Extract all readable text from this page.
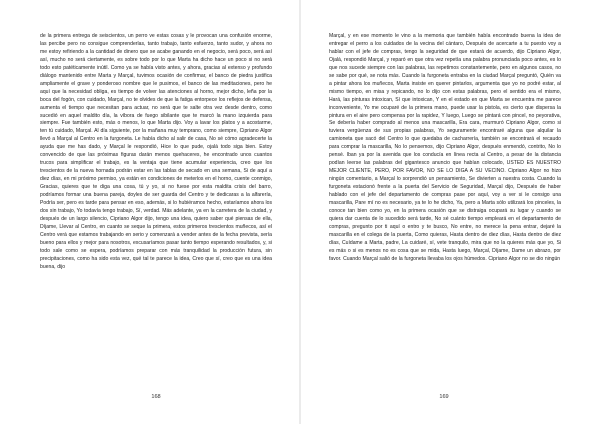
de la primera entrega de seiscientos, un perro ve estas cosas y le provocan una confusión enorme, las percibe pero no consigue comprenderlas, tanto trabajo, tanto esfuerzo, tanto sudor, y ahora no me estoy refiriendo a la cantidad de dinero que se acabe ganando en el negocio, será poco, será así así, mucho no será ciertamente, es sobre todo por lo que Marta ha dicho hace un poco si no será todo esto patéticamente inútil. Como ya se había visto antes, y ahora, gracias al extenso y profundo diálogo mantenido entre Marta y Marçal, tuvimos ocasión de confirmar, el banco de piedra justifica ampliamente el grave y ponderoso nombre que le pusimos, el banco de las meditaciones, pero he aquí que la necesidad obliga, es tiempo de volver las atenciones al horno, mejor dicho, leña por la boca del fogón, con cuidado, Marçal, no te olvides de que la fatiga entorpece los reflejos de defensa, aumenta el tiempo que necesitan para actuar, no será que te salte otra vez desde dentro, como sucedió en aquel maldito día, la víbora de fuego sibilante que te marcó la mano izquierda para siempre. Fue también esto, más o menos, lo que Marta dijo. Voy a lavar los platos y a acostarme, ten tú cuidado, Marçal. Al día siguiente, por la mañana muy temprano, como siempre, Cipriano Algor llevó a Marçal al Centro en la furgoneta. Le había dicho al salir de casa, No sé cómo agradecerte la ayuda que me has dado, y Marçal le respondió, Hice lo que pude, ojalá todo siga bien. Estoy convencido de que las próximas figuras darán menos quehaceres, he encontrado unos cuantos trucos para simplificar el trabajo, es la ventaja que tiene acumular experiencia, creo que los trescientos de la nueva hornada podrán estar en las tablas de secado en una semana, Si de aquí a diez días, en mi próximo permiso, ya están en condiciones de meterlos en el horno, cuente conmigo, Gracias, quieres que te diga una cosa, tú y yo, si no fuese por esta maldita crisis del barro, podríamos formar una buena pareja, doyles de ser guarda del Centro y te dedicaras a la alfarería, Podría ser, pero es tarde para pensar en eso, además, si lo hubiéramos hecho, estaríamos ahora los dos sin trabajo, Yo todavía tengo trabajo, Sí, verdad. Más adelante, ya en la carretera de la ciudad, y después de un largo silencio, Cipriano Algor dijo, tengo una idea, quiero saber qué piensas de ella, Díjame, Llevar al Centro, en cuanto se seque la primera, estos primeros trescientos muñecos, así el Centro verá que estamos trabajando en serio y comenzará a vender antes de la fecha prevista, sería bueno para ellos y mejor para nosotros, excusaríamos pasar tanto tiempo esperando resultados, y, si todo sale como se espera, podríamos preparar con más tranquilidad la producción futura, sin precipitaciones, como ha sido esta vez, qué tal te parece la idea, Creo que sí, creo que es una idea buena, dijo

168

Marçal, y en ese momento le vino a la memoria que también había encontrado buena la idea de entregar el perro a los cuidados de la vecina del cántaro, Después de acercarte a tu puesto voy a hablar con el jefe de compras, tengo la seguridad de que estará de acuerdo, dijo Cipriano Algor, Ojalá, respondió Marçal, y reparó en que otra vez repetía una palabra pronunciada poco antes, es lo que nos sucede siempre con las palabras, las repetimos constantemente, pero en algunos casos, no se sabe por qué, se nota más. Cuando la furgoneta entraba en la ciudad Marçal preguntó, Quién va a pintar ahora los muñecos, Marta insiste en querer pintarlos, argumenta que yo no podré estar, al mismo tiempo, en misa y repicando, no lo dijo con estas palabras, pero el sentido era el mismo, Hará, las pinturas intoxican, Sí que intoxican, Y en el estado en que Marta se encuentra me parece inconveniente, Yo me ocuparé de la primera mano, puede usar la pistola, es cierto que dispersa la pintura en el aire pero compensa por la rapidez, Y luego, Luego se pintará con pincel, no peyorativa, Se debería haber comprado al menos una mascarilla, Era cara, murmuró Cipriano Algor, como si tuviera vergüenza de sus propias palabras, Yo seguramente encontraré alguna que alquilar la camioneta que sacó del Centro lo que quedaba de cacharrería, también se encontrará el recaudo para comprar la mascarilla, No lo pensemos, dijo Cipriano Algor, después enmendó, contrito, No lo pensé. Iban ya por la avenida que los conducía en línea recta al Centro, a pesar de la distancia podían leerse las palabras del gigantesco anuncio que habían colocado, USTED ES NUESTRO MEJOR CLIENTE, PERO, POR FAVOR, NO SE LO DIGA A SU VECINO. Cipriano Algor no hizo ningún comentario, a Marçal lo sorprendió un pensamiento, Se divierten a nuestra costa. Cuando la furgoneta estacionó frente a la puerta del Servicio de Seguridad, Marçal dijo, Después de haber hablado con el jefe del departamento de compras pase por aquí, voy a ver si le consigo una mascarilla, Pare mí no es necesario, ya te lo he dicho, Ya, pero a Marta sólo utilizará los pinceles, la conoce tan bien como yo, en la primera ocasión que se distraiga ocupará su lugar y cuando se quiera dar cuenta de lo sucedido será tarde, No sé cuánto tiempo empleará en el departamento de compras, pregunto por ti aquí o entro y te busco, No entre, no merece la pena entrar, dejaré la mascarilla en el colega de la puerta, Como quieras, Hasta dentro de diez días, Hasta dentro de diez días, Cuídame a Marta, padre, La cuidaré, sí, vete tranquilo, mira que no la quieres más que yo, Si es más o si es menos no es cosa que se mida, Hasta luego, Marçal, Díjame, Dame un abrazo, por favor. Cuando Marçal salió de la furgoneta llevaba los ojos húmedos. Cipriano Algor no se dio ningún

169
